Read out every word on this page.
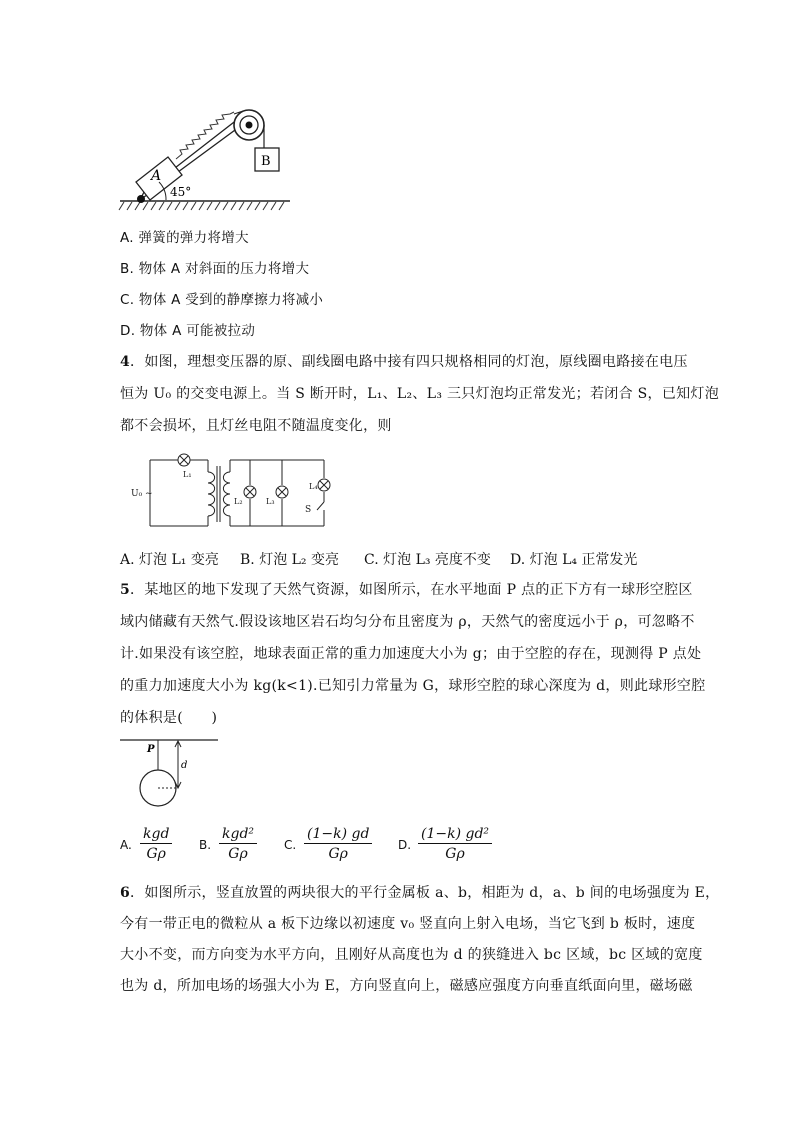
A
B
45°
A. 弹簧的弹力将增大
B. 物体 A 对斜面的压力将增大
C. 物体 A 受到的静摩擦力将减小
D. 物体 A 可能被拉动
4．如图，理想变压器的原、副线圈电路中接有四只规格相同的灯泡，原线圈电路接在电压
恒为 U₀ 的交变电源上。当 S 断开时，L₁、L₂、L₃ 三只灯泡均正常发光；若闭合 S，已知灯泡
都不会损坏，且灯丝电阻不随温度变化，则
U₀ ~
L₁
L₂	L₃
L₄
S
A. 灯泡 L₁ 变亮 B. 灯泡 L₂ 变亮 C. 灯泡 L₃ 亮度不变 D. 灯泡 L₄ 正常发光
5．某地区的地下发现了天然气资源，如图所示，在水平地面 P 点的正下方有一球形空腔区
域内储藏有天然气.假设该地区岩石均匀分布且密度为 ρ，天然气的密度远小于 ρ，可忽略不
计.如果没有该空腔，地球表面正常的重力加速度大小为 g；由于空腔的存在，现测得 P 点处
的重力加速度大小为 kg(k<1).已知引力常量为 G，球形空腔的球心深度为 d，则此球形空腔
的体积是(　　)
P
d
A.
kgd
Gρ
B.
kgd²
Gρ
C. $\frac{(1-k) gd}{G\rho} D$. $\frac{\text{(1−k) gd²}}{G\rho}$
6．如图所示，竖直放置的两块很大的平行金属板 a、b，相距为 d，a、b 间的电场强度为 E，
今有一带正电的微粒从 a 板下边缘以初速度 v₀ 竖直向上射入电场，当它飞到 b 板时，速度
大小不变，而方向变为水平方向，且刚好从高度也为 d 的狭缝进入 bc 区域，bc 区域的宽度
也为 d，所加电场的场强大小为 E，方向竖直向上，磁感应强度方向垂直纸面向里，磁场磁
